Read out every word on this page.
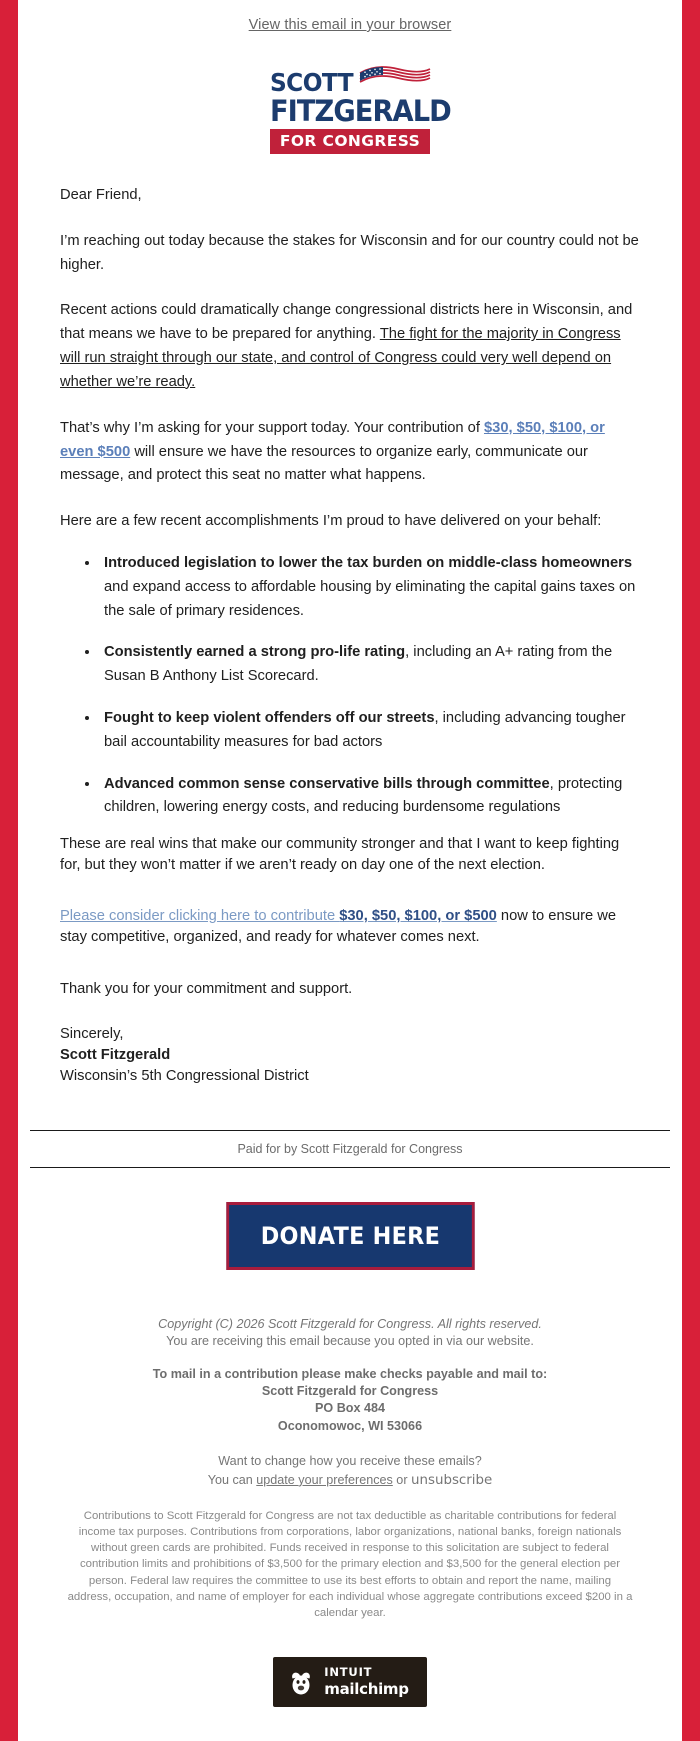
View this email in your browser
SCOTT
FITZGERALD
FOR CONGRESS

Dear Friend,

I’m reaching out today because the stakes for Wisconsin and for our country could not be higher.

Recent actions could dramatically change congressional districts here in Wisconsin, and that means we have to be prepared for anything. The fight for the majority in Congress will run straight through our state, and control of Congress could very well depend on whether we’re ready.

That’s why I’m asking for your support today. Your contribution of $30, $50, $100, or even $500 will ensure we have the resources to organize early, communicate our message, and protect this seat no matter what happens.

Here are a few recent accomplishments I’m proud to have delivered on your behalf:

• Introduced legislation to lower the tax burden on middle-class homeowners and expand access to affordable housing by eliminating the capital gains taxes on the sale of primary residences.
• Consistently earned a strong pro-life rating, including an A+ rating from the Susan B Anthony List Scorecard.
• Fought to keep violent offenders off our streets, including advancing tougher bail accountability measures for bad actors
• Advanced common sense conservative bills through committee, protecting children, lowering energy costs, and reducing burdensome regulations

These are real wins that make our community stronger and that I want to keep fighting for, but they won’t matter if we aren’t ready on day one of the next election.

Please consider clicking here to contribute $30, $50, $100, or $500 now to ensure we stay competitive, organized, and ready for whatever comes next.

Thank you for your commitment and support.

Sincerely,
Scott Fitzgerald
Wisconsin’s 5th Congressional District

Paid for by Scott Fitzgerald for Congress
DONATE HERE

Copyright (C) 2026 Scott Fitzgerald for Congress. All rights reserved.

You are receiving this email because you opted in via our website.

To mail in a contribution please make checks payable and mail to:
Scott Fitzgerald for Congress
PO Box 484
Oconomowoc, WI 53066

Want to change how you receive these emails?
You can update your preferences or unsubscribe

Contributions to Scott Fitzgerald for Congress are not tax deductible as charitable contributions for federal income tax purposes. Contributions from corporations, labor organizations, national banks, foreign nationals without green cards are prohibited. Funds received in response to this solicitation are subject to federal contribution limits and prohibitions of $3,500 for the primary election and $3,500 for the general election per person. Federal law requires the committee to use its best efforts to obtain and report the name, mailing address, occupation, and name of employer for each individual whose aggregate contributions exceed $200 in a calendar year.

INTUIT
mailchimp
